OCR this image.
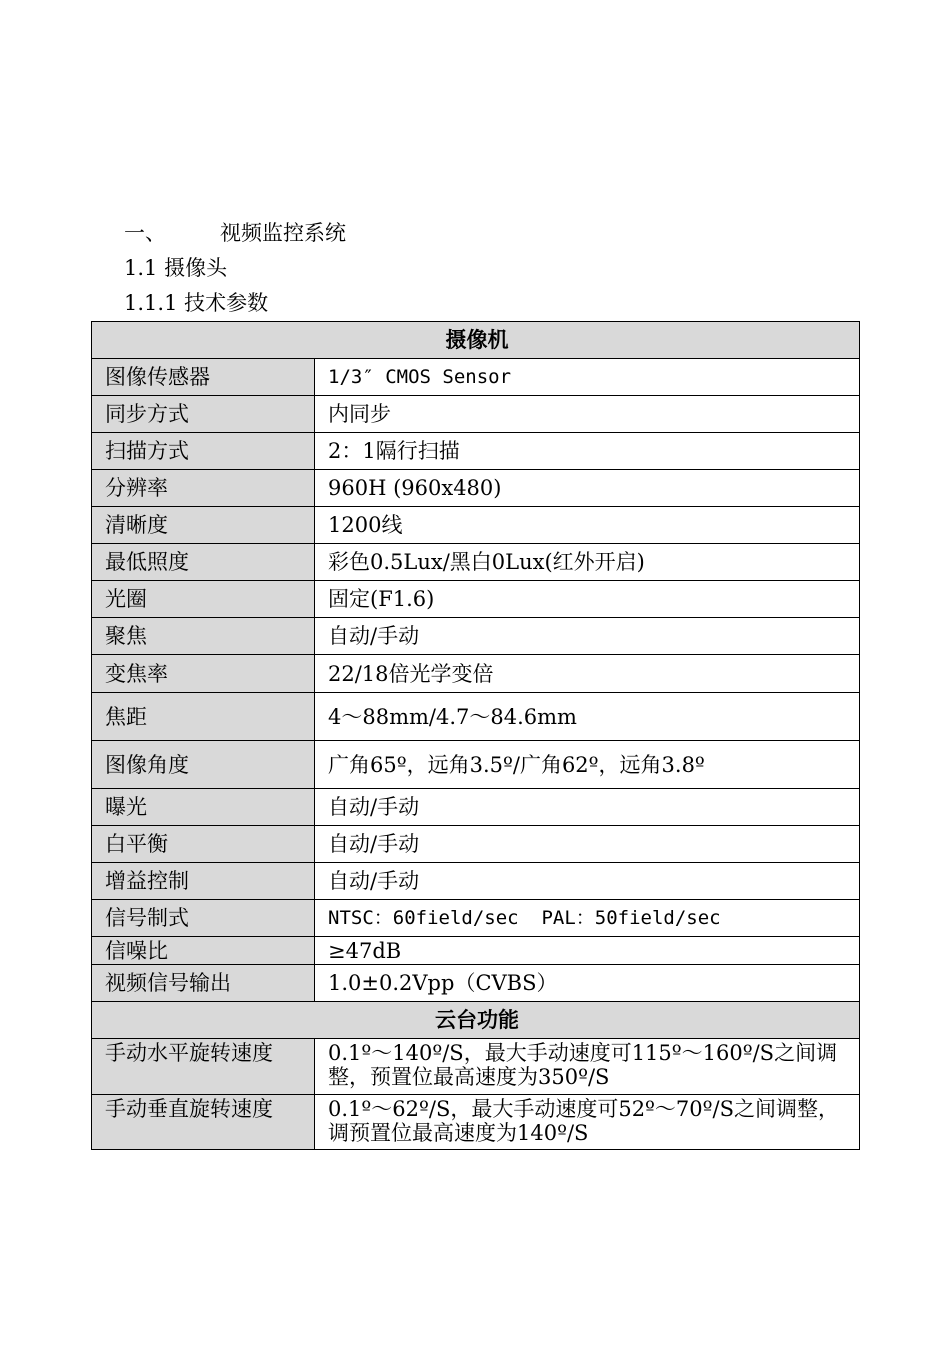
一、	视频监控系统
1.1 摄像头
1.1.1 技术参数
摄像机	
图像传感器	1/3″ CMOS Sensor
同步方式	内同步
扫描方式	2：1隔行扫描
分辨率	960H (960x480)
清晰度	1200线
最低照度	彩色0.5Lux/黑白0Lux(红外开启)
光圈	固定(F1.6)
聚焦	自动/手动
变焦率	22/18倍光学变倍
焦距	4～88mm/4.7～84.6mm
图像角度	广角65º，远角3.5º/广角62º，远角3.8º
曝光	自动/手动
白平衡	自动/手动
增益控制	自动/手动
信号制式	NTSC：60field/sec  PAL：50field/sec
信噪比	≥47dB
视频信号输出	1.0±0.2Vpp（CVBS）
云台功能	
手动水平旋转速度	0.1º～140º/S，最大手动速度可115º～160º/S之间调整，预置位最高速度为350º/S
手动垂直旋转速度	0.1º～62º/S，最大手动速度可52º～70º/S之间调整，调预置位最高速度为140º/S
